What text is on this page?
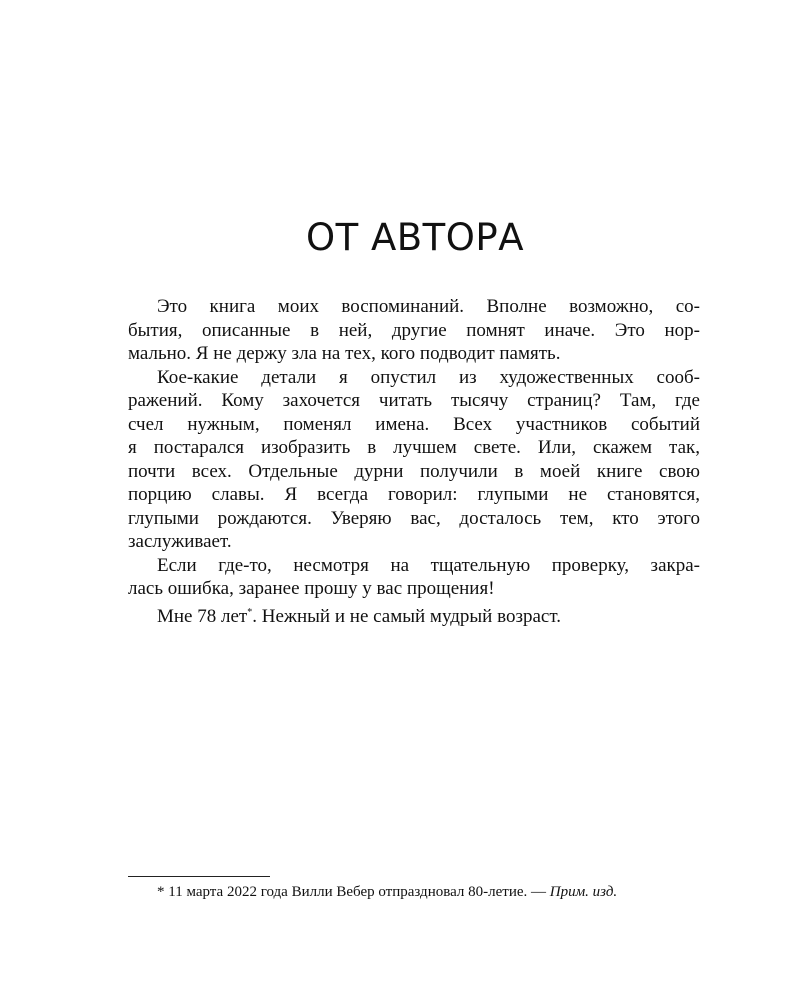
ОТ АВТОРА
Это книга моих воспоминаний. Вполне возможно, со-
бытия, описанные в ней, другие помнят иначе. Это нор-
мально. Я не держу зла на тех, кого подводит память.
Кое-какие детали я опустил из художественных сооб-
ражений. Кому захочется читать тысячу страниц? Там, где
счел нужным, поменял имена. Всех участников событий
я постарался изобразить в лучшем свете. Или, скажем так,
почти всех. Отдельные дурни получили в моей книге свою
порцию славы. Я всегда говорил: глупыми не становятся,
глупыми рождаются. Уверяю вас, досталось тем, кто этого
заслуживает.
Если где-то, несмотря на тщательную проверку, закра-
лась ошибка, заранее прошу у вас прощения!
Мне 78 лет*. Нежный и не самый мудрый возраст.
* 11 марта 2022 года Вилли Вебер отпраздновал 80-летие. — Прим. изд.
